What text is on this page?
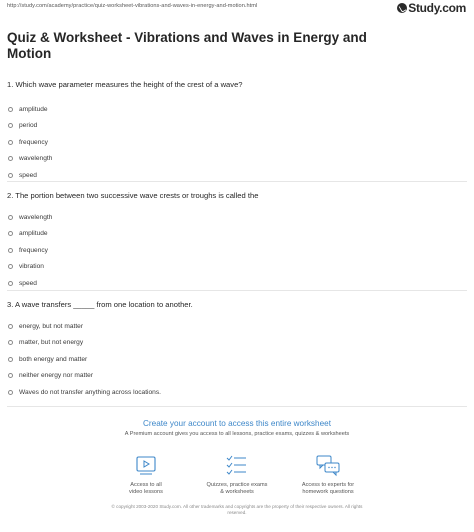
http://study.com/academy/practice/quiz-worksheet-vibrations-and-waves-in-energy-and-motion.html	Study.com
Quiz & Worksheet - Vibrations and Waves in Energy and Motion
1. Which wave parameter measures the height of the crest of a wave?
amplitude
period
frequency
wavelength
speed
2. The portion between two successive wave crests or troughs is called the
wavelength
amplitude
frequency
vibration
speed
3. A wave transfers _____ from one location to another.
energy, but not matter
matter, but not energy
both energy and matter
neither energy nor matter
Waves do not transfer anything across locations.
Create your account to access this entire worksheet
A Premium account gives you access to all lessons, practice exams, quizzes & worksheets
Access to all
video lessons
Quizzes, practice exams
& worksheets
Access to experts for
homework questions
© copyright 2003-2020 Study.com. All other trademarks and copyrights are the property of their respective owners. All rights
reserved.
